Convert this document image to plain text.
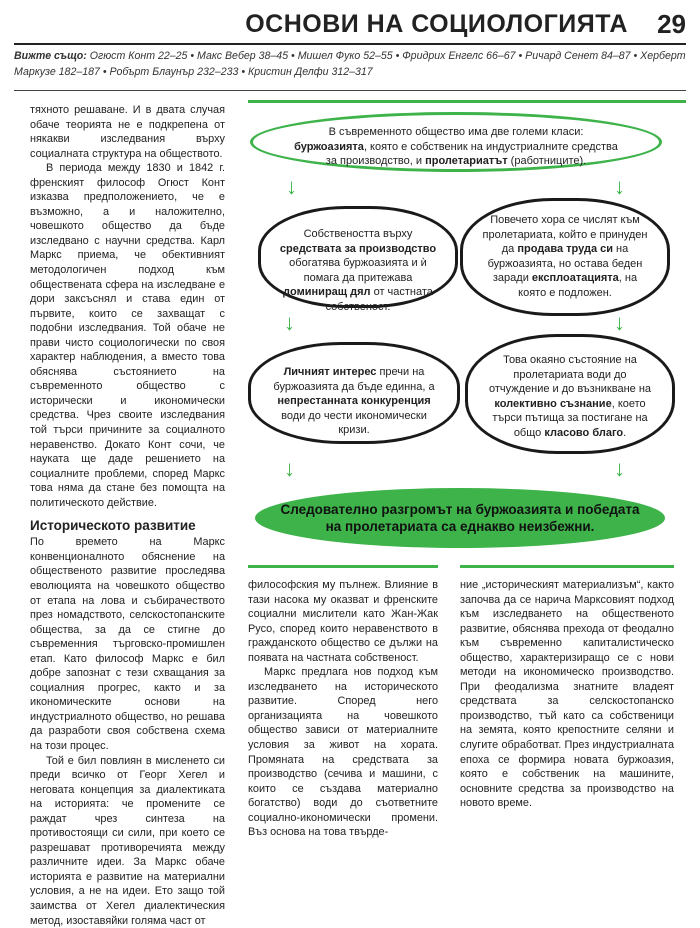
ОСНОВИ НА СОЦИОЛОГИЯТА 29
Вижте също: Огюст Конт 22–25 • Макс Вебер 38–45 • Мишел Фуко 52–55 • Фридрих Енгелс 66–67 • Ричард Сенет 84–87 • Херберт Маркузе 182–187 • Робърт Блаунър 232–233 • Кристин Делфи 312–317

тяхното решаване. И в двата случая обаче теорията не е подкрепена от някакви изследвания върху социалната структура на обществото.

В периода между 1830 и 1842 г. френският философ Огюст Конт изказва предположението, че е възможно, а и наложително, човешкото общество да бъде изследвано с научни средства. Карл Маркс приема, че обективният методологичен подход към обществената сфера на изследване е дори заксъснял и става един от първите, които се захващат с подобни изследвания. Той обаче не прави чисто социологически по своя характер наблюдения, а вместо това обяснява състоянието на съвременното общество с исторически и икономически средства. Чрез своите изследвания той търси причините за социалното неравенство. Докато Конт сочи, че науката ще даде решението на социалните проблеми, според Маркс това няма да стане без помощта на политическото действие.

Историческото развитие

По времето на Маркс конвенционалното обяснение на общественото развитие проследява еволюцията на човешкото общество от етапа на лова и събирачеството през номадството, селскостопанските общества, за да се стигне до съвременния търговско-промишлен етап. Като философ Маркс е бил добре запознат с тези схващания за социалния прогрес, както и за икономическите основи на индустриалното общество, но решава да разработи своя собствена схема на този процес.

Той е бил повлиян в мисленето си преди всичко от Георг Хегел и неговата концепция за диалектиката на историята: че промените се раждат чрез синтеза на противостоящи си сили, при което се разрешават противоречията между различните идеи. За Маркс обаче историята е развитие на материални условия, а не на идеи. Ето защо той заимства от Хегел диалектическия метод, изоставяйки голяма част от

В съвременното общество има две големи класи: буржоазията, която е собственик на индустриалните средства за производство, и пролетариатът (работниците).
↓	↓
Собствеността върху средствата за производство обогатява буржоазията и ѝ помага да притежава доминиращ дял от частната собственост.
Повечето хора се числят към пролетариата, който е принуден да продава труда си на буржоазията, но остава беден заради експлоатацията, на която е подложен.
↓	↓
Личният интерес пречи на буржоазията да бъде единна, а непрестанната конкуренция води до чести икономически кризи.
Това окаяно състояние на пролетариата води до отчуждение и до възникване на колективно съзнание, което търси пътища за постигане на общо класово благо.
↓	↓
Следователно разгромът на буржоазията и победата на пролетариата са еднакво неизбежни.

философския му пълнеж. Влияние в тази насока му оказват и френските социални мислители като Жан-Жак Русо, според които неравенството в гражданското общество се дължи на появата на частната собственост.

Маркс предлага нов подход към изследването на историческото развитие. Според него организацията на човешкото общество зависи от материалните условия за живот на хората. Промяната на средствата за производство (сечива и машини, с които се създава материално богатство) води до съответните социално-икономически промени. Въз основа на това твърде-

ние „историческият материализъм“, както започва да се нарича Марксовият подход към изследването на общественото развитие, обяснява прехода от феодално към съвременно капиталистическо общество, характеризиращо се с нови методи на икономическо производство. При феодализма знатните владеят средствата за селскостопанско производство, тъй като са собственици на земята, която крепостните селяни и слугите обработват. През индустриалната епоха се формира новата буржоазия, която е собственик на машините, основните средства за производство на новото време.
